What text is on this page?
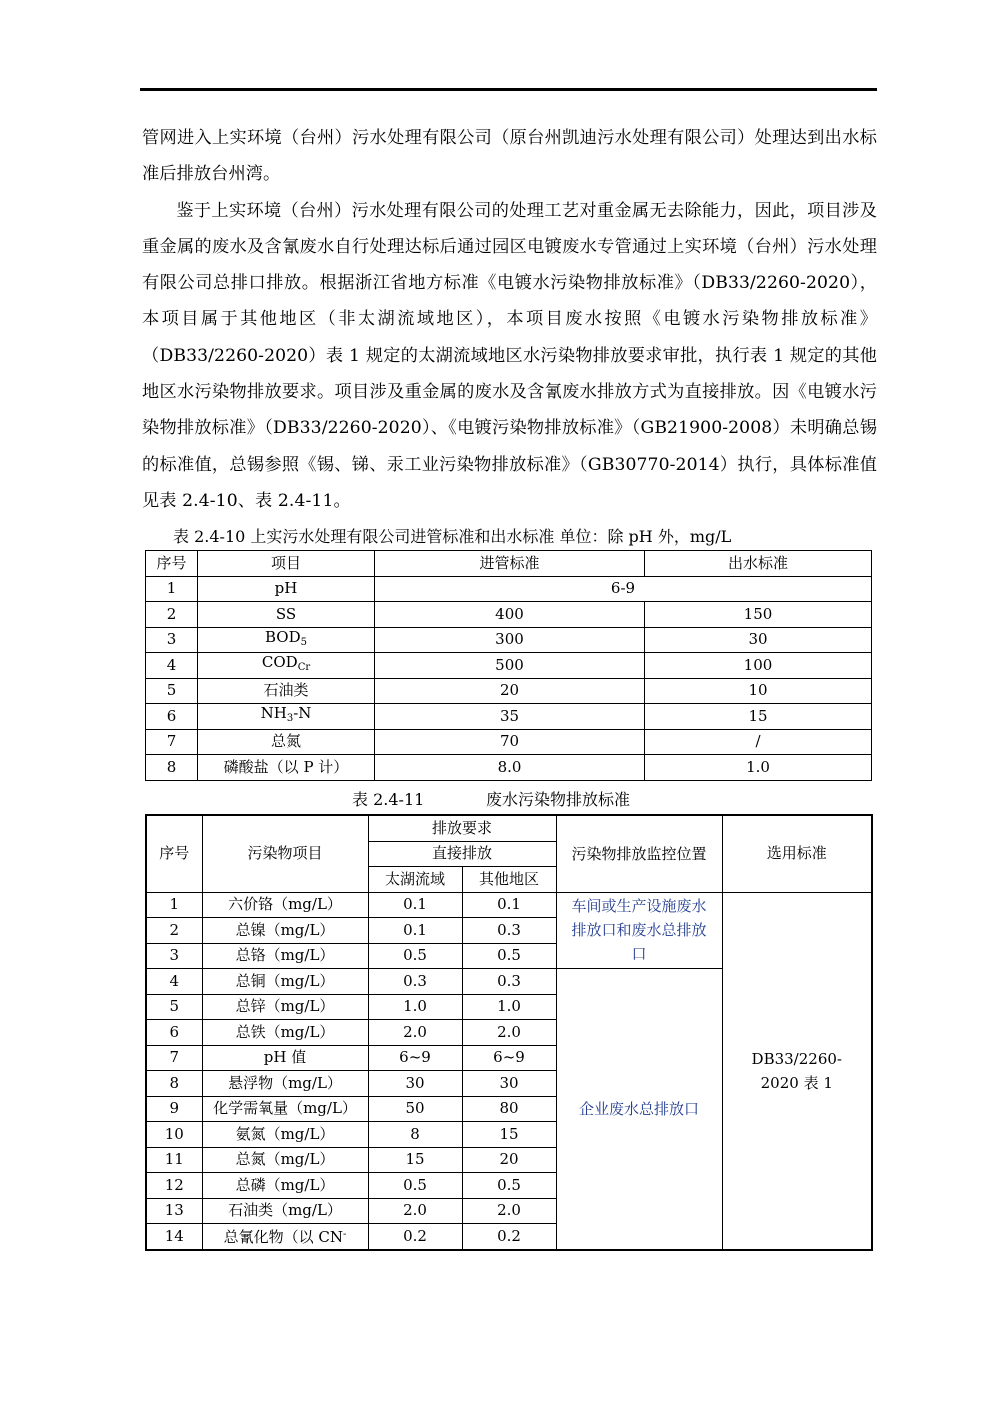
管网进入上实环境（台州）污水处理有限公司（原台州凯迪污水处理有限公司）处理达到出水标准后排放台州湾。

鉴于上实环境（台州）污水处理有限公司的处理工艺对重金属无去除能力，因此，项目涉及重金属的废水及含氰废水自行处理达标后通过园区电镀废水专管通过上实环境（台州）污水处理有限公司总排口排放。根据浙江省地方标准《电镀水污染物排放标准》（DB33/2260-2020），本项目属于其他地区（非太湖流域地区），本项目废水按照《电镀水污染物排放标准》（DB33/2260-2020）表 1 规定的太湖流域地区水污染物排放要求审批，执行表 1 规定的其他地区水污染物排放要求。项目涉及重金属的废水及含氰废水排放方式为直接排放。因《电镀水污染物排放标准》（DB33/2260-2020）、《电镀污染物排放标准》（GB21900-2008）未明确总锡的标准值，总锡参照《锡、锑、汞工业污染物排放标准》（GB30770-2014）执行，具体标准值见表 2.4-10、表 2.4-11。

表 2.4-10 上实污水处理有限公司进管标准和出水标准 单位：除 pH 外，mg/L
序号	项目	进管标准	出水标准
1	pH	6-9	
2	SS	400	150
3	$BOD_5$	300	30
4	$COD_{Cr}$	500	100
5	石油类	20	10
6	$NH_3-N$	35	15
7	总氮	70	/
8	磷酸盐（以 P 计）	8.0	1.0
表 2.4-11	废水污染物排放标准
序号	污染物项目	排放要求		污染物排放监控位置	选用标准
		直接排放			
		太湖流域	其他地区		
1	六价铬（mg/L）	0.1	0.1	车间或生产设施废水排放口和废水总排放口	DB33/2260-2020 表 1
2	总镍（mg/L）	0.1	0.3		
3	总铬（mg/L）	0.5	0.5		
4	总铜（mg/L）	0.3	0.3	企业废水总排放口	
5	总锌（mg/L）	1.0	1.0		
6	总铁（mg/L）	2.0	2.0		
7	pH 值	6~9	6~9		
8	悬浮物（mg/L）	30	30		
9	化学需氧量（mg/L）	50	80		
10	氨氮（mg/L）	8	15		
11	总氮（mg/L）	15	20		
12	总磷（mg/L）	0.5	0.5		
13	石油类（mg/L）	2.0	2.0		
14	总氰化物（以 CN-	0.2	0.2		
